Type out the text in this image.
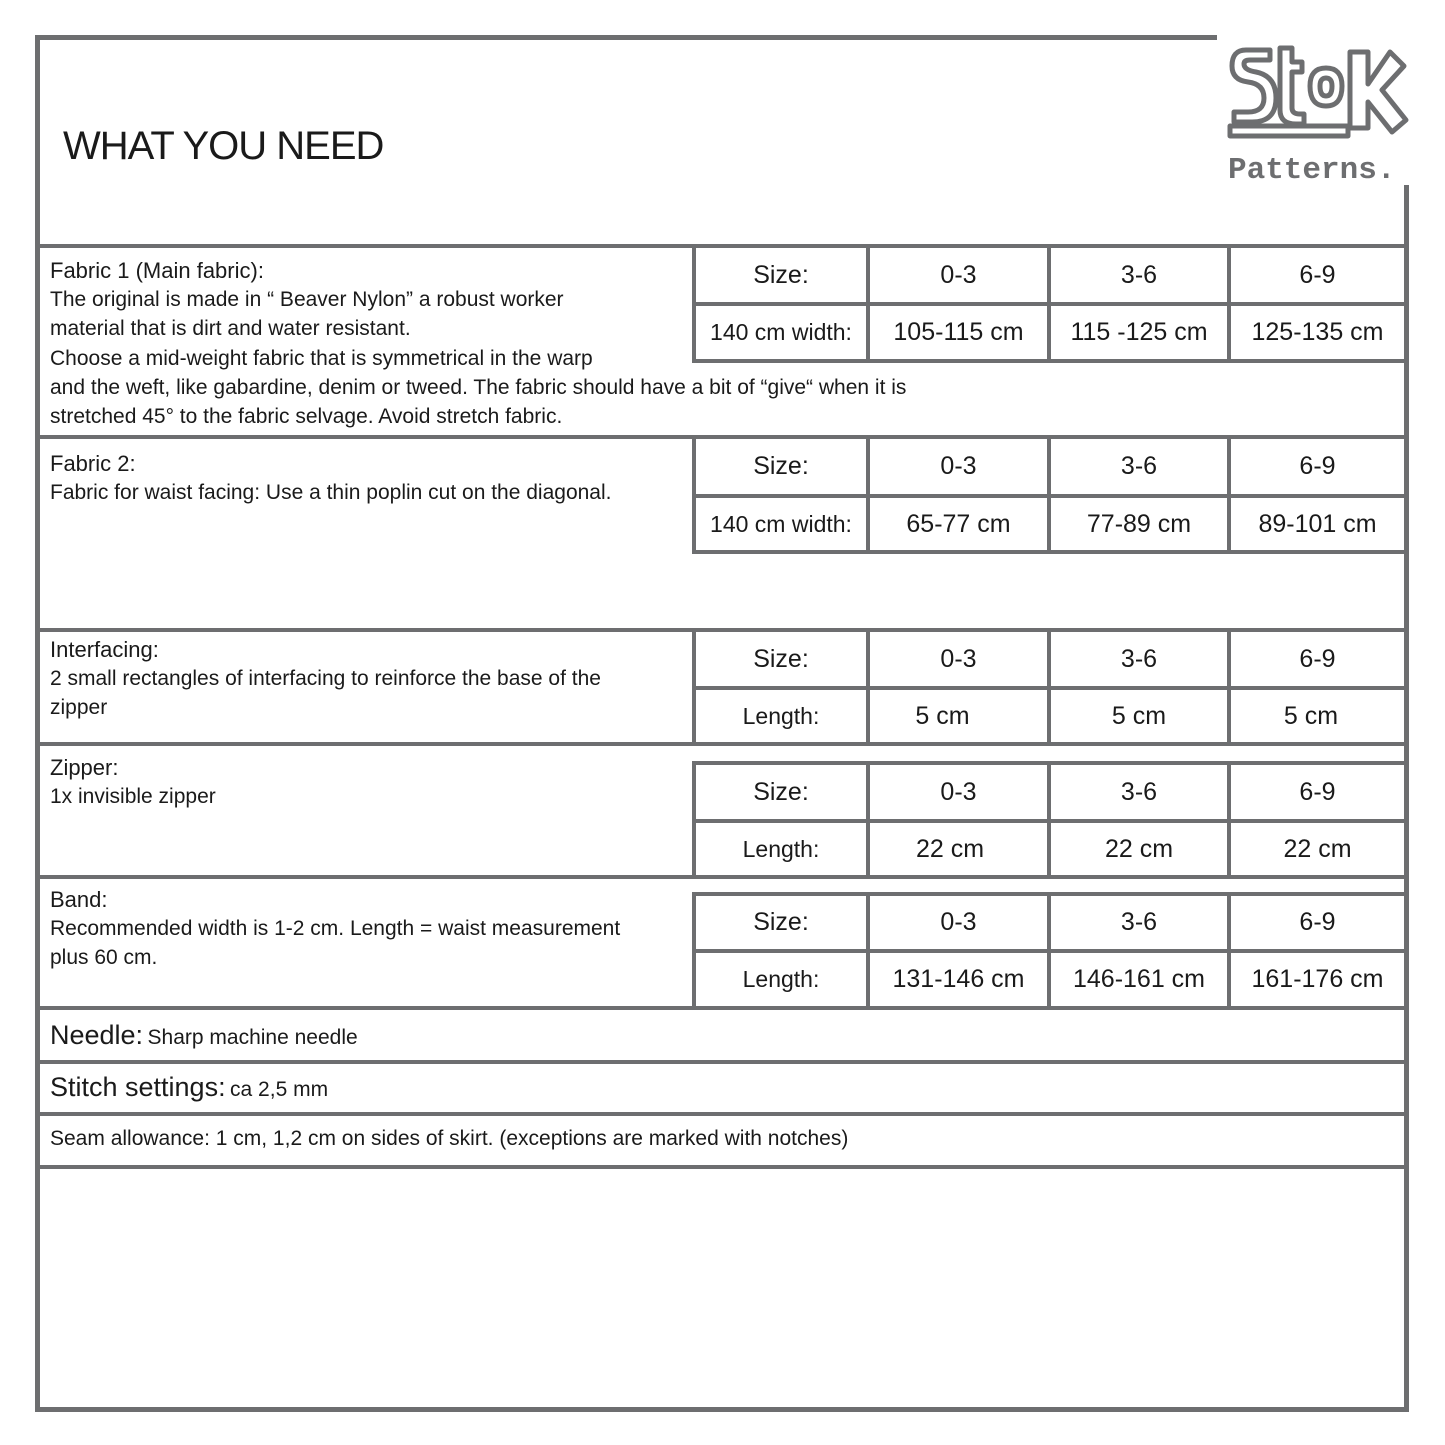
Patterns.
WHAT YOU NEED
Fabric 1 (Main fabric):
The original is made in “ Beaver Nylon” a robust worker
material that is dirt and water resistant.
Choose a mid-weight fabric that is symmetrical in the warp
and the weft, like gabardine, denim or tweed. The fabric should have a bit of “give“ when it is
stretched 45° to the fabric selvage. Avoid stretch fabric.
Size:	0-3	3-6	6-9
140 cm width:	105-115 cm	115 -125 cm	125-135 cm
Fabric 2:
Fabric for waist facing: Use a thin poplin cut on the diagonal.
Size:	0-3	3-6	6-9
140 cm width:	65-77 cm	77-89 cm	89-101 cm
Interfacing:
2 small rectangles of interfacing to reinforce the base of the
zipper
Size:	0-3	3-6	6-9
Length:	5 cm	5 cm	5 cm
Zipper:
1x invisible zipper	Size:	0-3	3-6	6-9
Length:	22 cm	22 cm	22 cm
Band:
Recommended width is 1-2 cm. Length = waist measurement
plus 60 cm.
Size:	0-3	3-6	6-9
Length:	131-146 cm	146-161 cm	161-176 cm
Needle: Sharp machine needle
Stitch settings: ca 2,5 mm
Seam allowance: 1 cm, 1,2 cm on sides of skirt. (exceptions are marked with notches)
